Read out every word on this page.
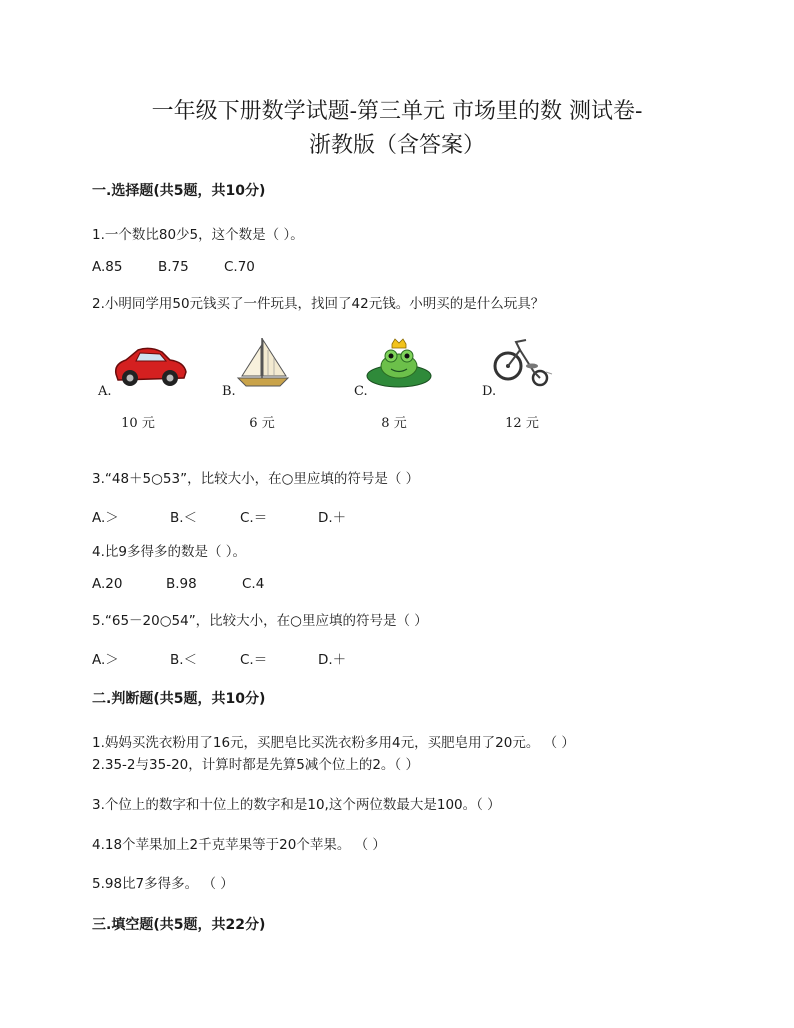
一年级下册数学试题-第三单元 市场里的数 测试卷-
浙教版（含答案）
一.选择题(共5题，共10分)
1.一个数比80少5，这个数是（ ）。
A.85	B.75	C.70
2.小明同学用50元钱买了一件玩具，找回了42元钱。小明买的是什么玩具？
A.
10 元
B.
6 元
C.
8 元
D.
12 元
3.“48＋5○53”，比较大小，在○里应填的符号是（ ）
A.＞	B.＜	C.＝	D.＋
4.比9多得多的数是（ ）。
A.20	B.98	C.4
5.“65－20○54”，比较大小，在○里应填的符号是（ ）
A.＞	B.＜	C.＝	D.＋
二.判断题(共5题，共10分)
1.妈妈买洗衣粉用了16元，买肥皂比买洗衣粉多用4元，买肥皂用了20元。 （ ）
2.35-2与35-20，计算时都是先算5减个位上的2。（ ）
3.个位上的数字和十位上的数字和是10,这个两位数最大是100。（ ）
4.18个苹果加上2千克苹果等于20个苹果。 （ ）
5.98比7多得多。 （ ）
三.填空题(共5题，共22分)
